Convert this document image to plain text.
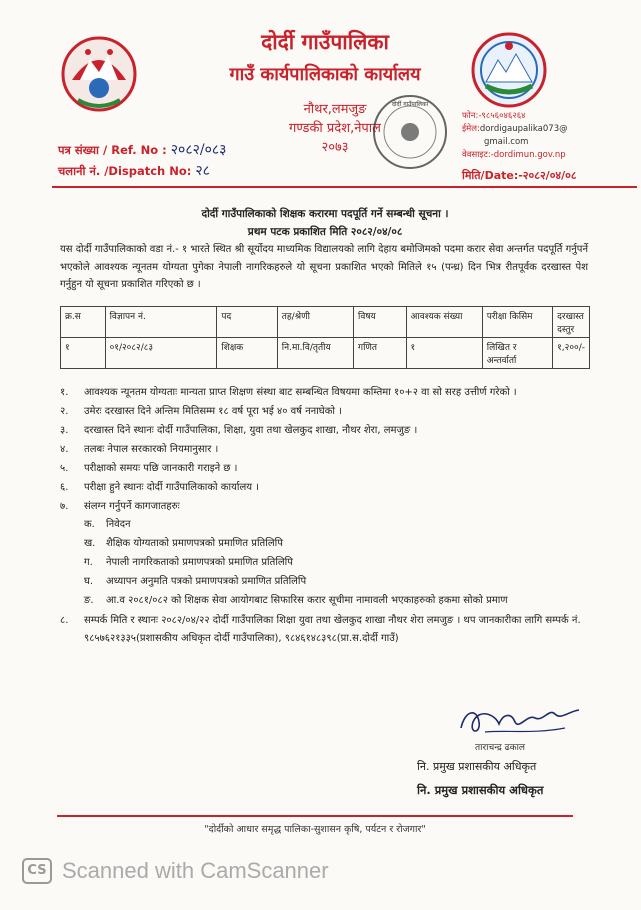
दोर्दी गाउँपालिका
गाउँ कार्यपालिकाको कार्यालय
नौथर,लमजुङ
गण्डकी प्रदेश,नेपाल
२०७३
दोर्दी गाउँपालिका
पत्र संख्या / Ref. No : २०८२/०८३
चलानी नं. /Dispatch No: २८
फोन:-९८५६०४६२६४
ईमेल:dordigaupalika073@
gmail.com
वेवसाइट:-dordimun.gov.np
मिति/Date:-२०८२/०४/०८
दोर्दी गाउँपालिकाको शिक्षक करारमा पदपूर्ति गर्ने सम्बन्धी सूचना ।
प्रथम पटक प्रकाशित मिति २०८२/०४/०८
यस दोर्दी गाउँपालिकाको वडा नं.- १ भारते स्थित श्री सूर्योदय माध्यमिक विद्यालयको लागि देहाय बमोजिमको पदमा करार सेवा अन्तर्गत पदपूर्ति गर्नुपर्ने भएकोले आवश्यक न्यूनतम योग्यता पुगेका नेपाली नागरिकहरुले यो सूचना प्रकाशित भएको मितिले १५ (पन्ध्र) दिन भित्र रीतपूर्वक दरखास्त पेश गर्नुहुन यो सूचना प्रकाशित गरिएको छ ।
क्र.स	विज्ञापन नं.	पद	तह/श्रेणी	विषय	आवश्यक संख्या	परीक्षा किसिम	दरखास्त दस्तुर
१	०१/२०८२/८३	शिक्षक	नि.मा.वि/तृतीय	गणित	१	लिखित र अन्तर्वार्ता	१,२००/-
१.	आवश्यक न्यूनतम योग्यताः मान्यता प्राप्त शिक्षण संस्था बाट सम्बन्धित विषयमा कम्तिमा १०+२ वा सो सरह उत्तीर्ण गरेको ।
२.	उमेरः दरखास्त दिने अन्तिम मितिसम्म १८ वर्ष पूरा भई ४० वर्ष ननाघेको ।
३.	दरखास्त दिने स्थानः दोर्दी गाउँपालिका, शिक्षा, युवा तथा खेलकुद शाखा, नौथर शेरा, लमजुङ ।
४.	तलबः नेपाल सरकारको नियमानुसार ।
५.	परीक्षाको समयः पछि जानकारी गराइने छ ।
६.	परीक्षा हुने स्थानः दोर्दी गाउँपालिकाको कार्यालय ।
७.	संलग्न गर्नुपर्ने कागजातहरुः
क.	निवेदन
ख.	शैक्षिक योग्यताको प्रमाणपत्रको प्रमाणित प्रतिलिपि
ग.	नेपाली नागरिकताको प्रमाणपत्रको प्रमाणित प्रतिलिपि
घ.	अध्यापन अनुमति पत्रको प्रमाणपत्रको प्रमाणित प्रतिलिपि
ङ.	आ.व २०८१/०८२ को शिक्षक सेवा आयोगबाट सिफारिस करार सूचीमा नामावली भएकाहरुको हकमा सोको प्रमाण
८.	सम्पर्क मिति र स्थानः २०८२/०४/२२ दोर्दी गाउँपालिका शिक्षा युवा तथा खेलकुद शाखा नौथर शेरा लमजुङ । थप जानकारीका लागि सम्पर्क नं. ९८५७६२१३३५(प्रशासकीय अधिकृत दोर्दी गाउँपालिका), ९८४६१४८३९८(प्रा.स.दोर्दी गाउँ)
ताराचन्द्र ढकाल
नि. प्रमुख प्रशासकीय अधिकृत
नि. प्रमुख प्रशासकीय अधिकृत
"दोर्दीको आधार समृद्ध पालिका-सुशासन कृषि, पर्यटन र रोजगार"
CS Scanned with CamScanner
